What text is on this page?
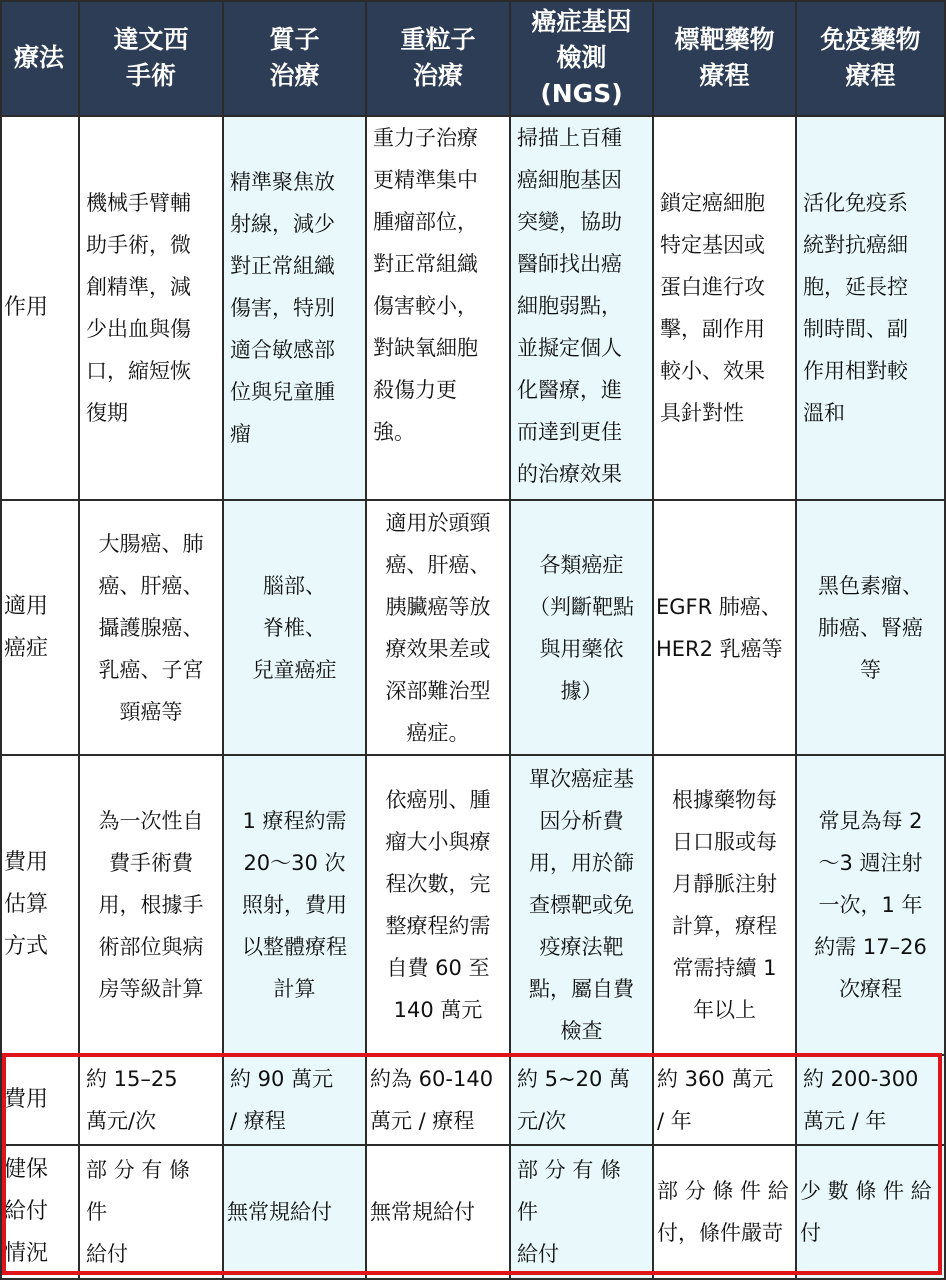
療法
達文西
手術
質子
治療
重粒子
治療
癌症基因
檢測
(NGS)
標靶藥物
療程
免疫藥物
療程
作用
機械手臂輔
助手術，微
創精準，減
少出血與傷
口，縮短恢
復期
精準聚焦放
射線，減少
對正常組織
傷害，特別
適合敏感部
位與兒童腫
瘤
重力子治療
更精準集中
腫瘤部位，
對正常組織
傷害較小，
對缺氧細胞
殺傷力更
強。
掃描上百種
癌細胞基因
突變，協助
醫師找出癌
細胞弱點，
並擬定個人
化醫療，進
而達到更佳
的治療效果
鎖定癌細胞
特定基因或
蛋白進行攻
擊，副作用
較小、效果
具針對性
活化免疫系
統對抗癌細
胞，延長控
制時間、副
作用相對較
溫和
適用
癌症
大腸癌、肺
癌、肝癌、
攝護腺癌、
乳癌、子宮
頸癌等
腦部、
脊椎、
兒童癌症
適用於頭頸
癌、肝癌、
胰臟癌等放
療效果差或
深部難治型
癌症。
各類癌症
（判斷靶點
與用藥依
據）
EGFR 肺癌、
HER2 乳癌等
黑色素瘤、
肺癌、腎癌
等
費用
估算
方式
為一次性自
費手術費
用，根據手
術部位與病
房等級計算
1 療程約需
20～30 次
照射，費用
以整體療程
計算
依癌別、腫
瘤大小與療
程次數，完
整療程約需
自費 60 至
140 萬元
單次癌症基
因分析費
用，用於篩
查標靶或免
疫療法靶
點，屬自費
檢查
根據藥物每
日口服或每
月靜脈注射
計算，療程
常需持續 1
年以上
常見為每 2
～3 週注射
一次，1 年
約需 17–26
次療程
費用
約 15–25
萬元/次
約 90 萬元
/ 療程
約為 60-140
萬元 / 療程
約 5~20 萬
元/次
約 360 萬元
/ 年
約 200-300
萬元 / 年
健保
給付
情況
部 分 有 條 件
給付
無常規給付	無常規給付
部 分 有 條 件
給付
部 分 條 件 給
付，條件嚴苛
少 數 條 件 給
付
